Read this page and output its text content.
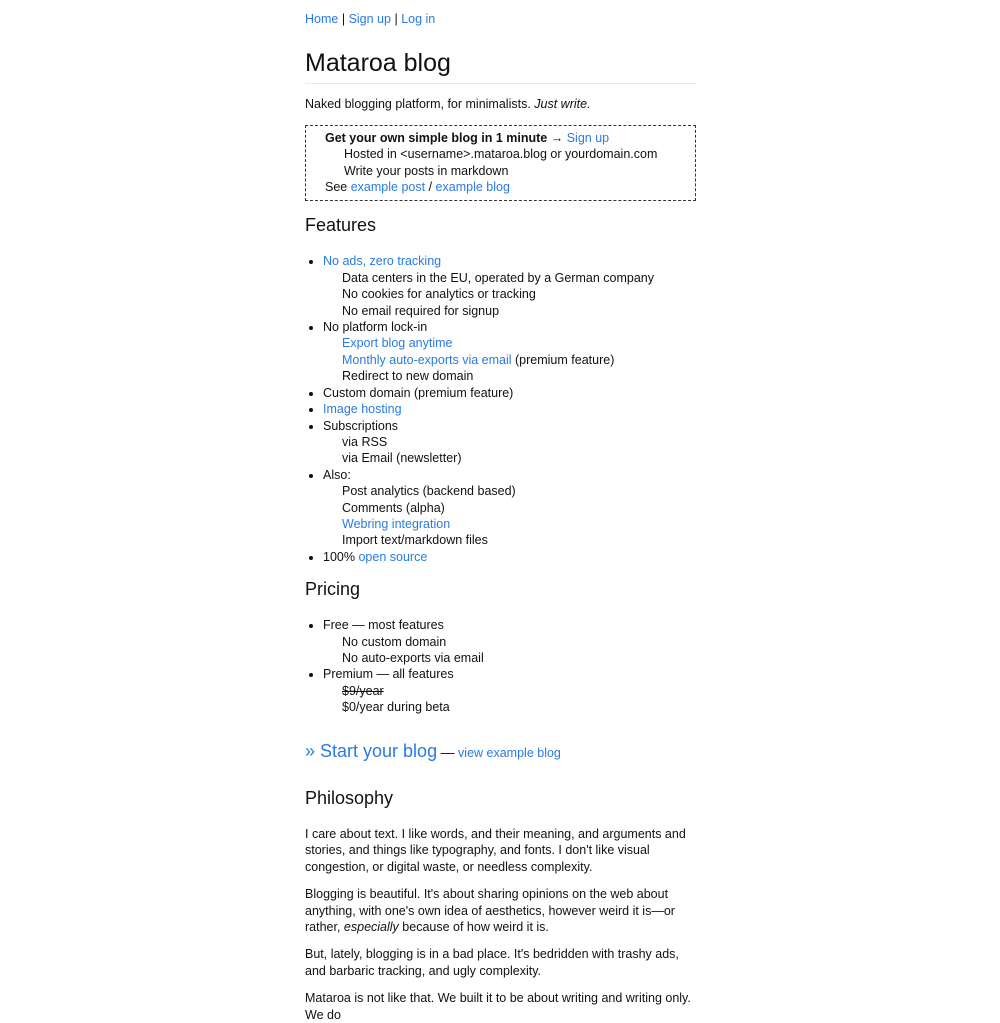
Home | Sign up | Log in
Mataroa blog

Naked blogging platform, for minimalists. Just write.

Get your own simple blog in 1 minute → Sign up
Hosted in <username>.mataroa.blog or yourdomain.com
Write your posts in markdown
See example post / example blog
Features
• No ads, zero tracking
Data centers in the EU, operated by a German company
No cookies for analytics or tracking
No email required for signup
• No platform lock-in
Export blog anytime
Monthly auto-exports via email (premium feature)
Redirect to new domain
• Custom domain (premium feature)
• Image hosting
• Subscriptions
via RSS
via Email (newsletter)
• Also:
Post analytics (backend based)
Comments (alpha)
Webring integration
Import text/markdown files
• 100% open source
Pricing
• Free — most features
No custom domain
No auto-exports via email
• Premium — all features
$9/year
$0/year during beta
» Start your blog — view example blog
Philosophy

I care about text. I like words, and their meaning, and arguments and stories, and things like typography, and fonts. I don't like visual congestion, or digital waste, or needless complexity.

Blogging is beautiful. It's about sharing opinions on the web about anything, with one's own idea of aesthetics, however weird it is—or rather, especially because of how weird it is.

But, lately, blogging is in a bad place. It's bedridden with trashy ads, and barbaric tracking, and ugly complexity.

Mataroa is not like that. We built it to be about writing and writing only. We do
